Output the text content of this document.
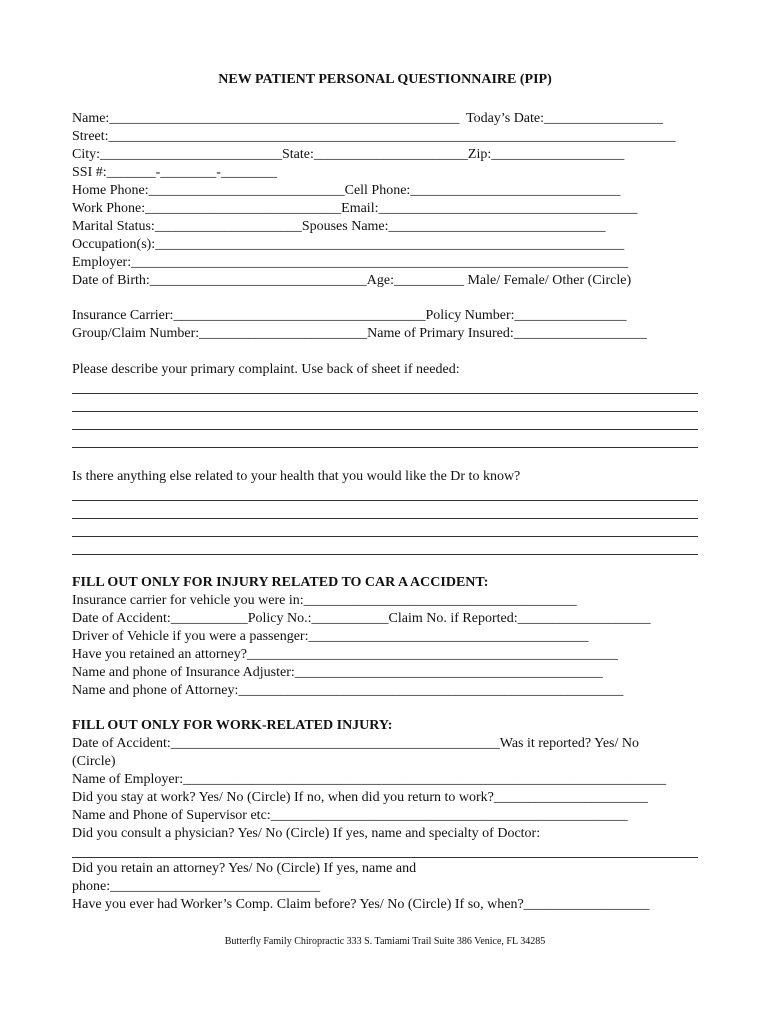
NEW PATIENT PERSONAL QUESTIONNAIRE (PIP)
Name:__________________________________________________  Today’s Date:_________________
Street:_________________________________________________________________________________
City:__________________________State:______________________Zip:___________________
SSI #:_______-________-________
Home Phone:____________________________Cell Phone:______________________________
Work Phone:____________________________Email:_____________________________________
Marital Status:_____________________Spouses Name:_______________________________
Occupation(s):___________________________________________________________________
Employer:_______________________________________________________________________
Date of Birth:_______________________________Age:__________ Male/ Female/ Other (Circle)
Insurance Carrier:____________________________________Policy Number:________________
Group/Claim Number:________________________Name of Primary Insured:___________________
Please describe your primary complaint. Use back of sheet if needed:
Is there anything else related to your health that you would like the Dr to know?
FILL OUT ONLY FOR INJURY RELATED TO CAR A ACCIDENT:
Insurance carrier for vehicle you were in:_______________________________________
Date of Accident:___________Policy No.:___________Claim No. if Reported:___________________
Driver of Vehicle if you were a passenger:________________________________________
Have you retained an attorney?_____________________________________________________
Name and phone of Insurance Adjuster:____________________________________________
Name and phone of Attorney:_______________________________________________________
FILL OUT ONLY FOR WORK-RELATED INJURY:
Date of Accident:_______________________________________________Was it reported? Yes/ No
(Circle)
Name of Employer:_____________________________________________________________________
Did you stay at work? Yes/ No (Circle) If no, when did you return to work?______________________
Name and Phone of Supervisor etc:___________________________________________________
Did you consult a physician? Yes/ No (Circle) If yes, name and specialty of Doctor:
Did you retain an attorney? Yes/ No (Circle) If yes, name and
phone:______________________________
Have you ever had Worker’s Comp. Claim before? Yes/ No (Circle) If so, when?__________________
Butterfly Family Chiropractic 333 S. Tamiami Trail Suite 386 Venice, FL 34285
